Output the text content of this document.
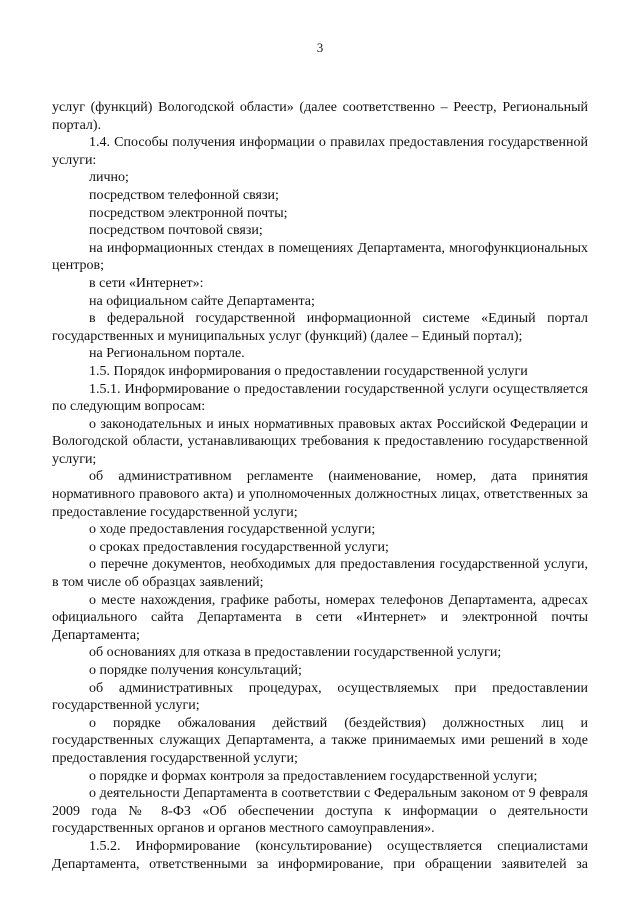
3

услуг (функций) Вологодской области» (далее соответственно – Реестр, Региональный портал).

1.4. Способы получения информации о правилах предоставления государственной услуги:

лично;

посредством телефонной связи;

посредством электронной почты;

посредством почтовой связи;

на информационных стендах в помещениях Департамента, многофункциональных центров;

в сети «Интернет»:

на официальном сайте Департамента;

в федеральной государственной информационной системе «Единый портал государственных и муниципальных услуг (функций) (далее – Единый портал);

на Региональном портале.

1.5. Порядок информирования о предоставлении государственной услуги

1.5.1. Информирование о предоставлении государственной услуги осуществляется по следующим вопросам:

о законодательных и иных нормативных правовых актах Российской Федерации и Вологодской области, устанавливающих требования к предоставлению государственной услуги;

об административном регламенте (наименование, номер, дата принятия нормативного правового акта) и уполномоченных должностных лицах, ответственных за предоставление государственной услуги;

о ходе предоставления государственной услуги;

о сроках предоставления государственной услуги;

о перечне документов, необходимых для предоставления государственной услуги, в том числе об образцах заявлений;

о месте нахождения, графике работы, номерах телефонов Департамента, адресах официального сайта Департамента в сети «Интернет» и электронной почты Департамента;

об основаниях для отказа в предоставлении государственной услуги;

о порядке получения консультаций;

об административных процедурах, осуществляемых при предоставлении государственной услуги;

о порядке обжалования действий (бездействия) должностных лиц и государственных служащих Департамента, а также принимаемых ими решений в ходе предоставления государственной услуги;

о порядке и формах контроля за предоставлением государственной услуги;

о деятельности Департамента в соответствии с Федеральным законом от 9 февраля 2009 года № 8-ФЗ «Об обеспечении доступа к информации о деятельности государственных органов и органов местного самоуправления».

1.5.2. Информирование (консультирование) осуществляется специалистами Департамента, ответственными за информирование, при обращении заявителей за
